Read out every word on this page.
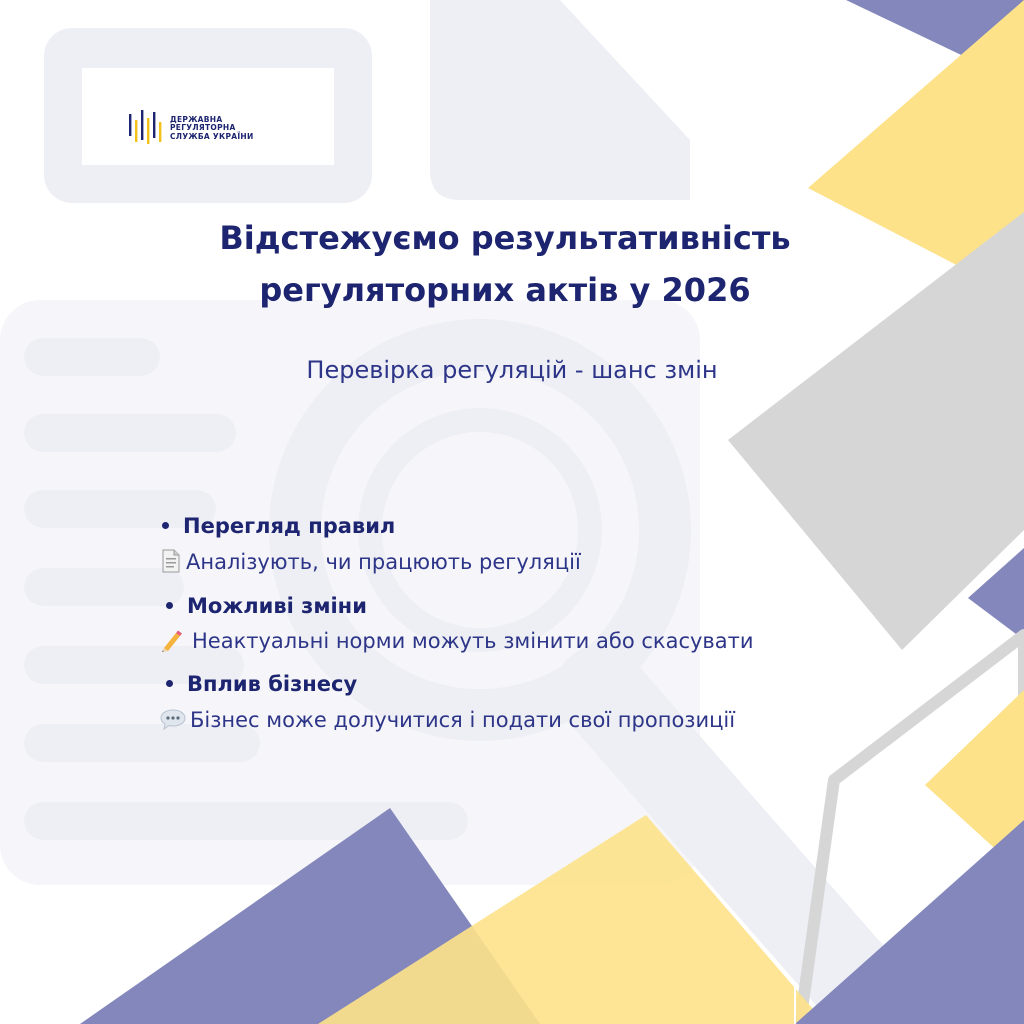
ДЕРЖАВНА
РЕГУЛЯТОРНА
СЛУЖБА УКРАЇНИ
Відстежуємо результативність
регуляторних актів у 2026
Перевірка регуляцій - шанс змін
Перегляд правил
Аналізують, чи працюють регуляції
Можливі зміни
Неактуальні норми можуть змінити або скасувати
Вплив бізнесу
Бізнес може долучитися і подати свої пропозиції
